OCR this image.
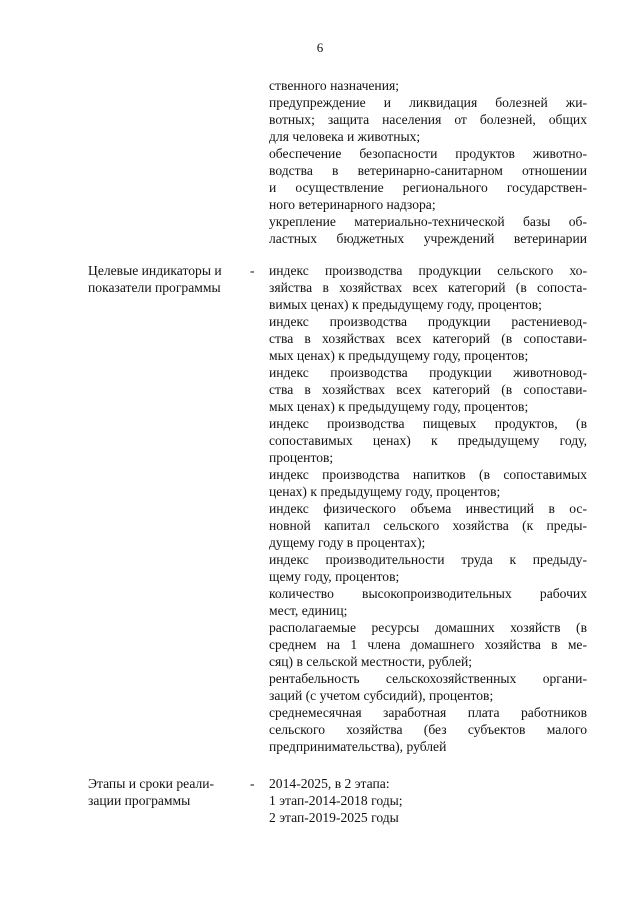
6
ственного назначения;
предупреждение и ликвидация болезней жи-
вотных; защита населения от болезней, общих
для человека и животных;
обеспечение безопасности продуктов животно-
водства в ветеринарно-санитарном отношении
и осуществление регионального государствен-
ного ветеринарного надзора;
укрепление материально-технической базы об-
ластных бюджетных учреждений ветеринарии
Целевые индикаторы и
показатели программы
- индекс производства продукции сельского хо-
зяйства в хозяйствах всех категорий (в сопоста-
вимых ценах) к предыдущему году, процентов;
индекс производства продукции растениевод-
ства в хозяйствах всех категорий (в сопостави-
мых ценах) к предыдущему году, процентов;
индекс производства продукции животновод-
ства в хозяйствах всех категорий (в сопостави-
мых ценах) к предыдущему году, процентов;
индекс производства пищевых продуктов, (в
сопоставимых ценах) к предыдущему году,
процентов;
индекс производства напитков (в сопоставимых
ценах) к предыдущему году, процентов;
индекс физического объема инвестиций в ос-
новной капитал сельского хозяйства (к преды-
дущему году в процентах);
индекс производительности труда к предыду-
щему году, процентов;
количество высокопроизводительных рабочих
мест, единиц;
располагаемые ресурсы домашних хозяйств (в
среднем на 1 члена домашнего хозяйства в ме-
сяц) в сельской местности, рублей;
рентабельность сельскохозяйственных органи-
заций (с учетом субсидий), процентов;
среднемесячная заработная плата работников
сельского хозяйства (без субъектов малого
предпринимательства), рублей
Этапы и сроки реали-
зации программы
- 2014-2025, в 2 этапа:
1 этап-2014-2018 годы;
2 этап-2019-2025 годы
